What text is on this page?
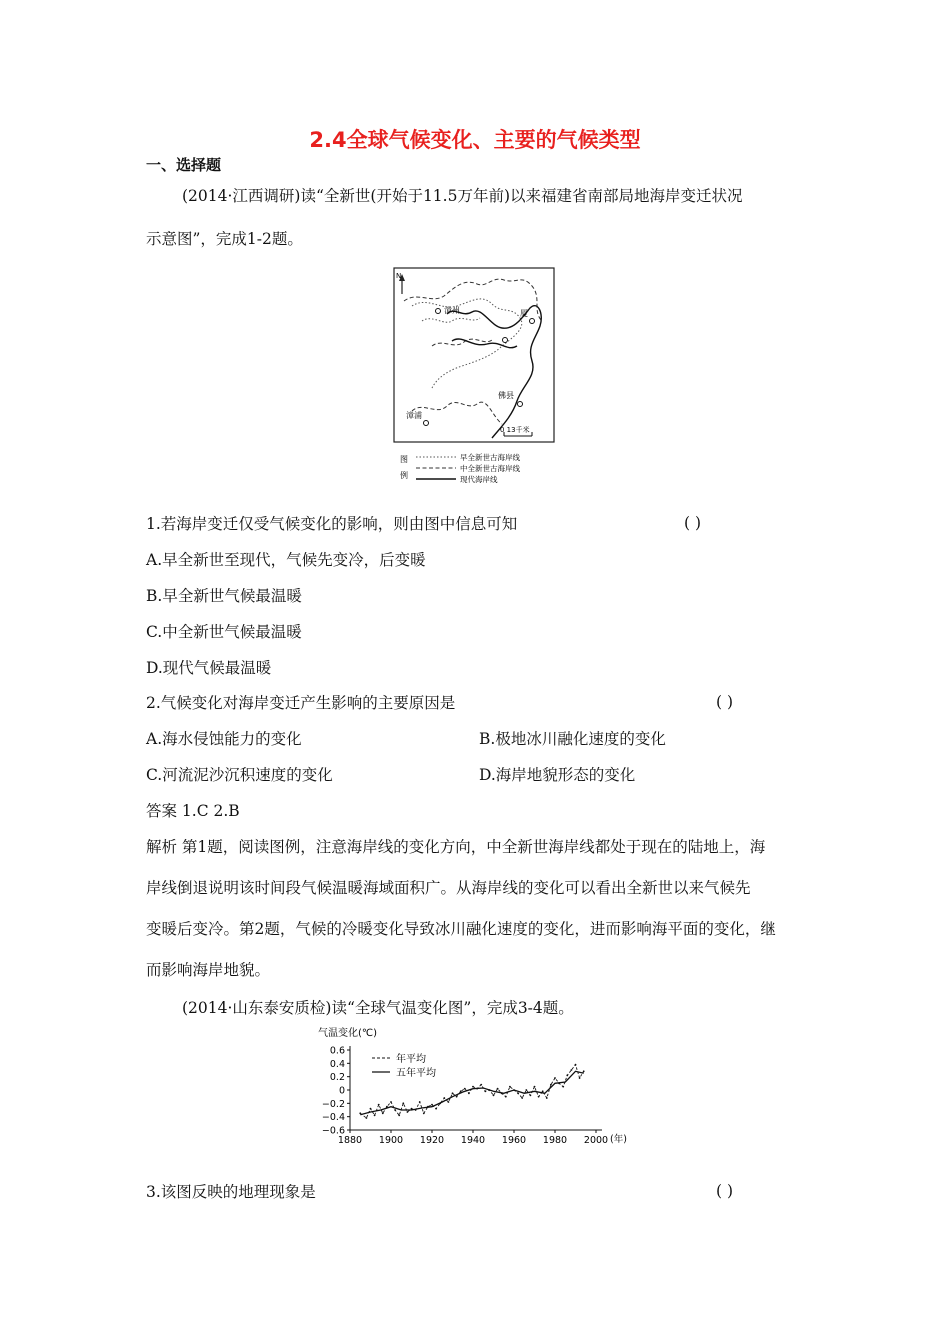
2.4全球气候变化、主要的气候类型
一、选择题
(2014·江西调研)读“全新世(开始于11.5万年前)以来福建省南部局地海岸变迁状况
示意图”，完成1-2题。
N
漳州	厦
佛县
漳浦
0 13千米
图
例
早全新世古海岸线
中全新世古海岸线
现代海岸线
1.若海岸变迁仅受气候变化的影响，则由图中信息可知	( )
A.早全新世至现代，气候先变冷，后变暖
B.早全新世气候最温暖
C.中全新世气候最温暖
D.现代气候最温暖
2.气候变化对海岸变迁产生影响的主要原因是	( )
A.海水侵蚀能力的变化	B.极地冰川融化速度的变化
C.河流泥沙沉积速度的变化	D.海岸地貌形态的变化
答案 1.C 2.B
解析 第1题，阅读图例，注意海岸线的变化方向，中全新世海岸线都处于现在的陆地上，海
岸线倒退说明该时间段气候温暖海域面积广。从海岸线的变化可以看出全新世以来气候先
变暖后变冷。第2题，气候的冷暖变化导致冰川融化速度的变化，进而影响海平面的变化，继
而影响海岸地貌。
(2014·山东泰安质检)读“全球气温变化图”，完成3-4题。
气温变化(℃)
0.6
0.4
0.2
0
−0.2
−0.4
−0.6
1880 1900 1920 1940 1960 1980 2000
年平均
五年平均
(年)
3.该图反映的地理现象是	( )
